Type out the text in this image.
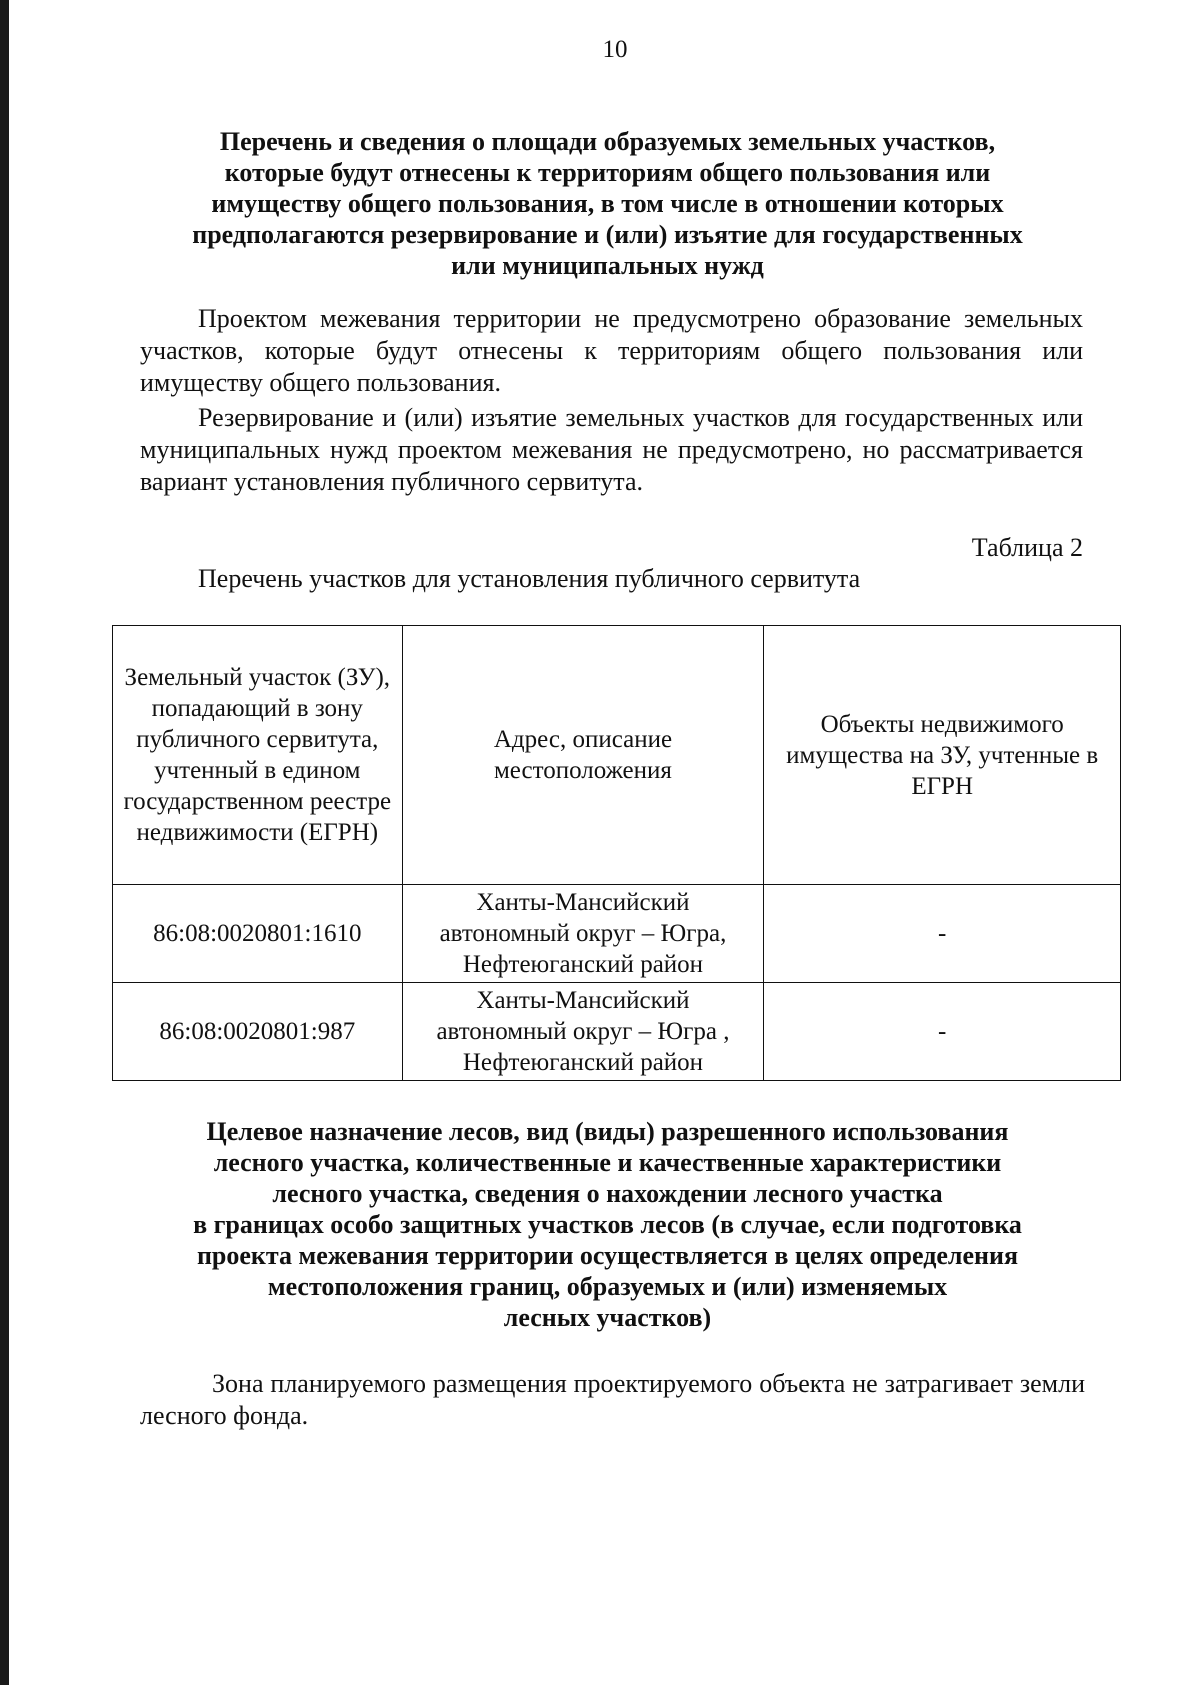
10
Перечень и сведения о площади образуемых земельных участков,
которые будут отнесены к территориям общего пользования или
имуществу общего пользования, в том числе в отношении которых
предполагаются резервирование и (или) изъятие для государственных
или муниципальных нужд

Проектом межевания территории не предусмотрено образование земельных участков, которые будут отнесены к территориям общего пользования или имуществу общего пользования.

Резервирование и (или) изъятие земельных участков для государственных или муниципальных нужд проектом межевания не предусмотрено, но рассматривается вариант установления публичного сервитута.

Таблица 2
Перечень участков для установления публичного сервитута
Земельный участок (ЗУ), попадающий в зону публичного сервитута, учтенный в едином государственном реестре недвижимости (ЕГРН)	Адрес, описание местоположения	Объекты недвижимого имущества на ЗУ, учтенные в ЕГРН
86:08:0020801:1610	Ханты-Мансийский автономный округ – Югра, Нефтеюганский район	-
86:08:0020801:987	Ханты-Мансийский автономный округ – Югра , Нефтеюганский район	-
Целевое назначение лесов, вид (виды) разрешенного использования
лесного участка, количественные и качественные характеристики
лесного участка, сведения о нахождении лесного участка
в границах особо защитных участков лесов (в случае, если подготовка
проекта межевания территории осуществляется в целях определения
местоположения границ, образуемых и (или) изменяемых
лесных участков)

Зона планируемого размещения проектируемого объекта не затрагивает земли лесного фонда.
